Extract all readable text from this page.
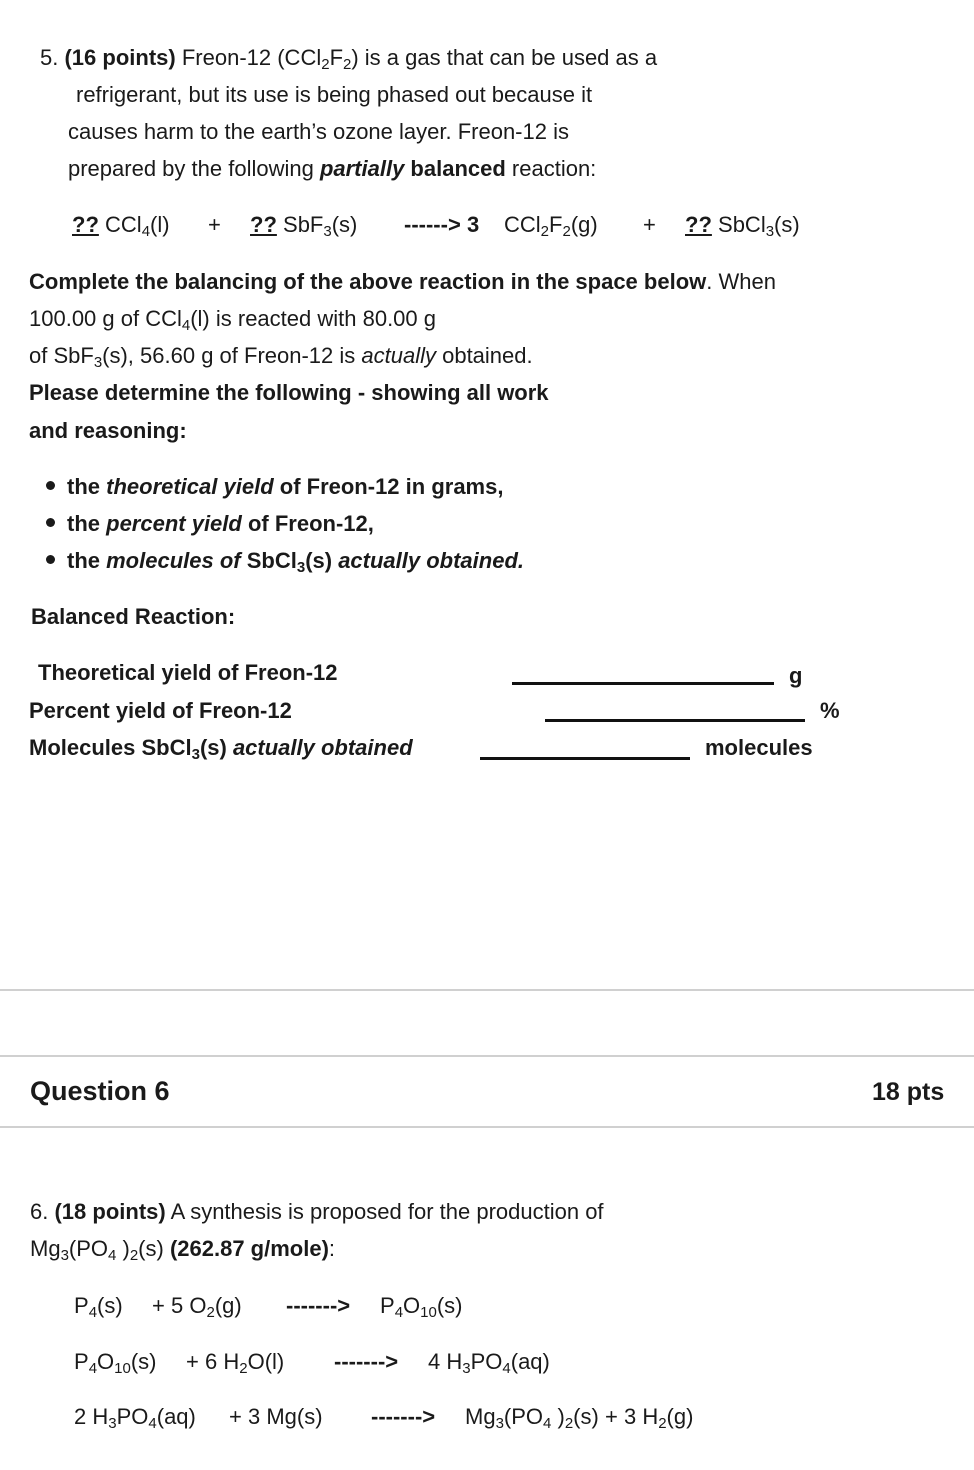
5. (16 points) Freon-12 $(CCl_2F_2)$ is a gas that can be used as a
refrigerant, but its use is being phased out because it
causes harm to the earth’s ozone layer. Freon-12 is
prepared by the following partially balanced reaction:
?? CCl$_4$(l) + ?? SbF$_3$(s) ------> 3 $CCl_2F_2(g)$ + ?? SbCl$_3$(s)
Complete the balancing of the above reaction in the space below. When
100.00 g of CCl$_4$(l) is reacted with 80.00 g
of SbF$_3$(s), 56.60 g of Freon-12 is actually obtained.
Please determine the following - showing all work
and reasoning:
the theoretical yield of Freon-12 in grams,
the percent yield of Freon-12,
the molecules of SbCl$_3$(s) actually obtained.
Balanced Reaction:
Theoretical yield of Freon-12	g
Percent yield of Freon-12	%
Molecules SbCl$_3$(s) actually obtained	molecules
Question 6	18 pts
6. (18 points) A synthesis is proposed for the production of
$Mg_3(PO_4$ )$_2(s)$ (262.87 g/mole):
$P_4(s) + 5$ $O_2(g)$ -------> $P_4O_{10}(s)$
$P_4O_{10}(s) + 6$ $H_2O(l)$ -------> 4 $H_3PO_4(aq)$
2 $H_3PO_4(aq) + 3$ Mg(s) -------> $Mg_3(PO_4$ )$_2(s) + 3$ $H_2(g)$
